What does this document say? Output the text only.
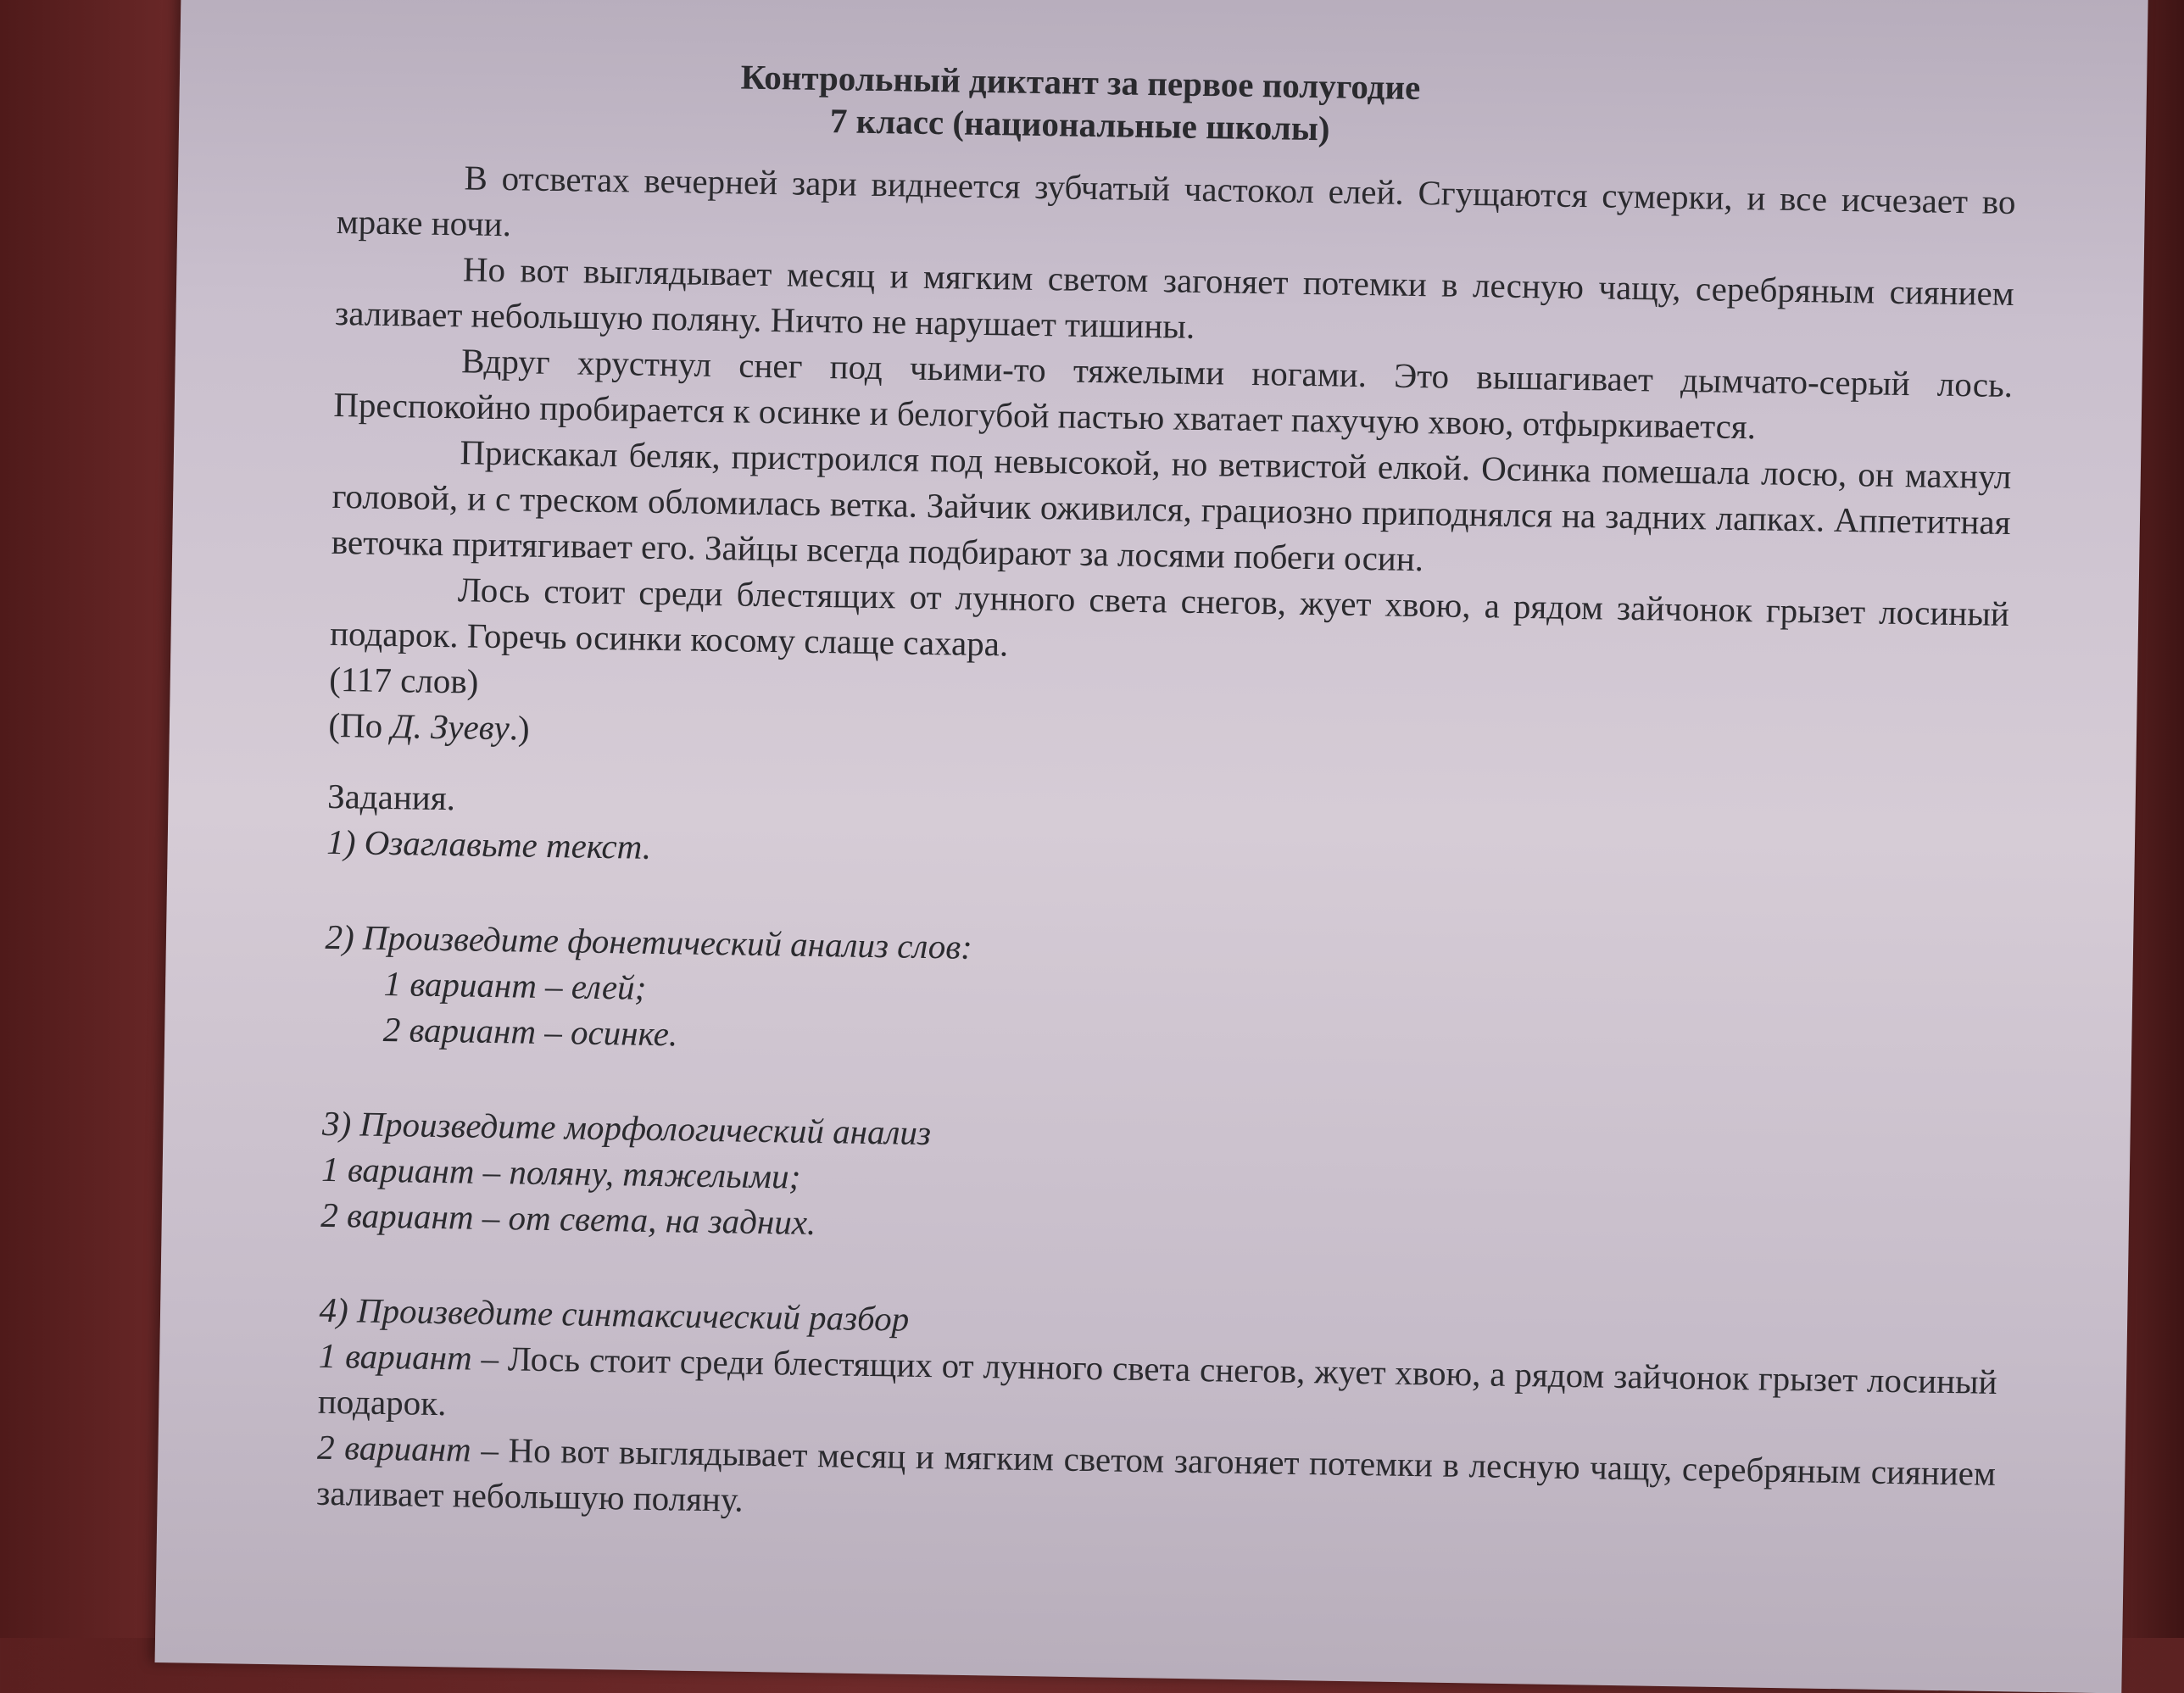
Контрольный диктант за первое полугодие
7 класс (национальные школы)

В отсветах вечерней зари виднеется зубчатый частокол елей. Сгущаются сумерки, и все исчезает во мраке ночи.

Но вот выглядывает месяц и мягким светом загоняет потемки в лесную чащу, серебряным сиянием заливает небольшую поляну. Ничто не нарушает тишины.

Вдруг хрустнул снег под чьими-то тяжелыми ногами. Это вышагивает дымчато-серый лось. Преспокойно пробирается к осинке и белогубой пастью хватает пахучую хвою, отфыркивается.

Прискакал беляк, пристроился под невысокой, но ветвистой елкой. Осинка помешала лосю, он махнул головой, и с треском обломилась ветка. Зайчик оживился, грациозно приподнялся на задних лапках. Аппетитная веточка притягивает его. Зайцы всегда подбирают за лосями побеги осин.

Лось стоит среди блестящих от лунного света снегов, жует хвою, а рядом зайчонок грызет лосиный подарок. Горечь осинки косому слаще сахара.

(117 слов)

(По Д. Зуеву.)

Задания.

1) Озаглавьте текст.

2) Произведите фонетический анализ слов:

1 вариант – елей;

2 вариант – осинке.

3) Произведите морфологический анализ

1 вариант – поляну, тяжелыми;

2 вариант – от света, на задних.

4) Произведите синтаксический разбор

1 вариант – Лось стоит среди блестящих от лунного света снегов, жует хвою, а рядом зайчонок грызет лосиный подарок.

2 вариант – Но вот выглядывает месяц и мягким светом загоняет потемки в лесную чащу, серебряным сиянием заливает небольшую поляну.
